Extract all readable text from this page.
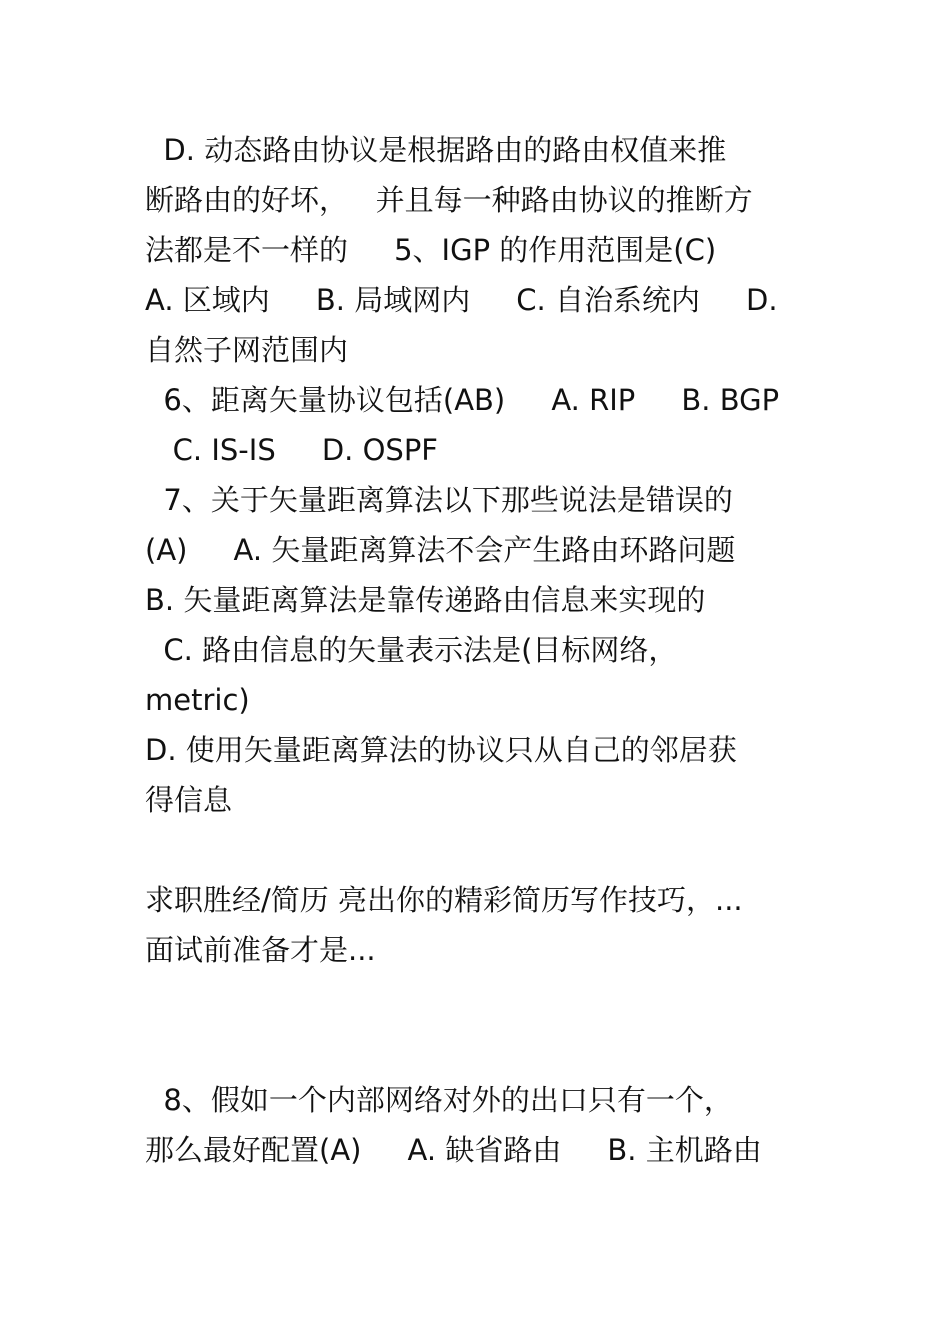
D. 动态路由协议是根据路由的路由权值来推
断路由的好坏，   并且每一种路由协议的推断方
法都是不一样的     5、IGP 的作用范围是(C)
A. 区域内     B. 局域网内     C. 自治系统内     D.
自然子网范围内
6、距离矢量协议包括(AB)     A. RIP     B. BGP
C. IS-IS     D. OSPF
7、关于矢量距离算法以下那些说法是错误的
(A)     A. 矢量距离算法不会产生路由环路问题
B. 矢量距离算法是靠传递路由信息来实现的
C. 路由信息的矢量表示法是(目标网络，
metric)
D. 使用矢量距离算法的协议只从自己的邻居获
得信息
求职胜经/简历 亮出你的精彩简历写作技巧，...
面试前准备才是...
8、假如一个内部网络对外的出口只有一个，
那么最好配置(A)     A. 缺省路由     B. 主机路由
